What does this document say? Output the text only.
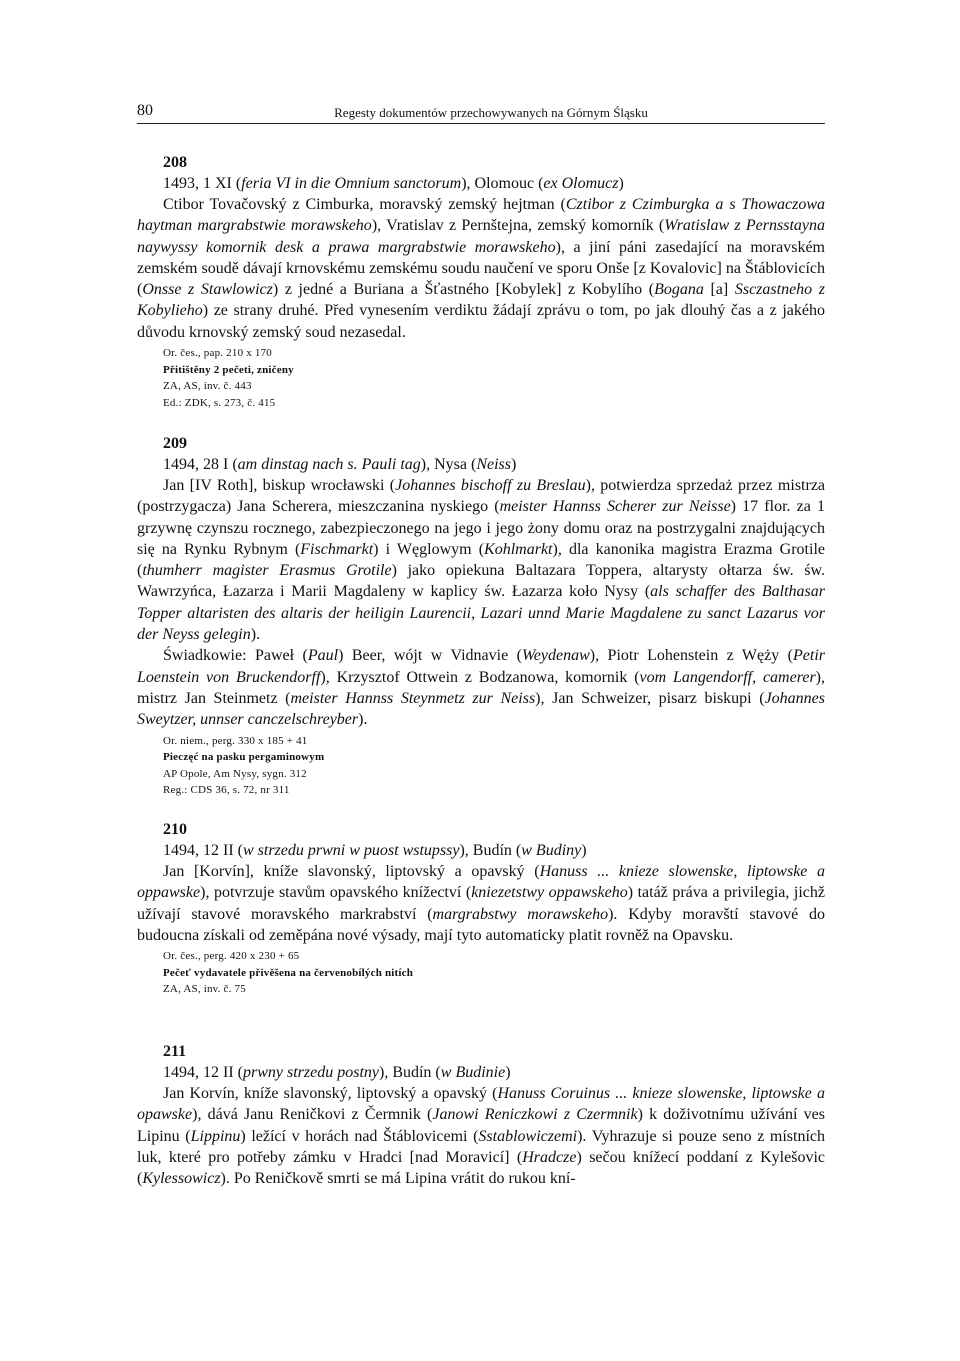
80	Regesty dokumentów przechowywanych na Górnym Śląsku
208
1493, 1 XI (feria VI in die Omnium sanctorum), Olomouc (ex Olomucz)

Ctibor Tovačovský z Cimburka, moravský zemský hejtman (Cztibor z Czimburgka a s Thowaczowa haytman margrabstwie morawskeho), Vratislav z Pernštejna, zemský komorník (Wratislaw z Pernsstayna naywyssy komornik desk a prawa margrabstwie morawskeho), a jiní páni zasedající na moravském zemském soudě dávají krnovskému zemskému soudu naučení ve sporu Onše [z Kovalovic] na Štáblovicích (Onsse z Stawlowicz) z jedné a Buriana a Šťastného [Kobylek] z Kobylího (Bogana [a] Ssczastneho z Kobylieho) ze strany druhé. Před vynesením verdiktu žádají zprávu o tom, po jak dlouhý čas a z jakého důvodu krnovský zemský soud nezasedal.

Or. čes., pap. 210 x 170
Přitištěny 2 pečeti, zničeny
ZA, AS, inv. č. 443
Ed.: ZDK, s. 273, č. 415
209
1494, 28 I (am dinstag nach s. Pauli tag), Nysa (Neiss)

Jan [IV Roth], biskup wrocławski (Johannes bischoff zu Breslau), potwierdza sprzedaż przez mistrza (postrzygacza) Jana Scherera, mieszczanina nyskiego (meister Hannss Scherer zur Neisse) 17 flor. za 1 grzywnę czynszu rocznego, zabezpieczonego na jego i jego żony domu oraz na postrzygalni znajdujących się na Rynku Rybnym (Fischmarkt) i Węglowym (Kohlmarkt), dla kanonika magistra Erazma Grotile (thumherr magister Erasmus Grotile) jako opiekuna Baltazara Toppera, altarysty ołtarza św. św. Wawrzyńca, Łazarza i Marii Magdaleny w kaplicy św. Łazarza koło Nysy (als schaffer des Balthasar Topper altaristen des altaris der heiligin Laurencii, Lazari unnd Marie Magdalene zu sanct Lazarus vor der Neyss gelegin).

Świadkowie: Paweł (Paul) Beer, wójt w Vidnavie (Weydenaw), Piotr Lohenstein z Węży (Petir Loenstein von Bruckendorff), Krzysztof Ottwein z Bodzanowa, komornik (vom Langendorff, camerer), mistrz Jan Steinmetz (meister Hannss Steynmetz zur Neiss), Jan Schweizer, pisarz biskupi (Johannes Sweytzer, unnser canczelschreyber).

Or. niem., perg. 330 x 185 + 41
Pieczęć na pasku pergaminowym
AP Opole, Am Nysy, sygn. 312
Reg.: CDS 36, s. 72, nr 311
210
1494, 12 II (w strzedu prwni w puost wstupssy), Budín (w Budiny)

Jan [Korvín], kníže slavonský, liptovský a opavský (Hanuss ... knieze slowenske, liptowske a oppawske), potvrzuje stavům opavského knížectví (kniezetstwy oppawskeho) tatáž práva a privilegia, jichž užívají stavové moravského markrabství (margrabstwy morawskeho). Kdyby moravští stavové do budoucna získali od zeměpána nové výsady, mají tyto automaticky platit rovněž na Opavsku.

Or. čes., perg. 420 x 230 + 65
Pečeť vydavatele přivěšena na červenobílých nitích
ZA, AS, inv. č. 75
211
1494, 12 II (prwny strzedu postny), Budín (w Budinie)

Jan Korvín, kníže slavonský, liptovský a opavský (Hanuss Coruinus ... knieze slowenske, liptowske a opawske), dává Janu Reničkovi z Čermnik (Janowi Reniczkowi z Czermnik) k doživotnímu užívání ves Lipinu (Lippinu) ležící v horách nad Štáblovicemi (Sstablowiczemi). Vyhrazuje si pouze seno z místních luk, které pro potřeby zámku v Hradci [nad Moravicí] (Hradcze) sečou knížecí poddaní z Kylešovic (Kylessowicz). Po Reničkově smrti se má Lipina vrátit do rukou kní-
